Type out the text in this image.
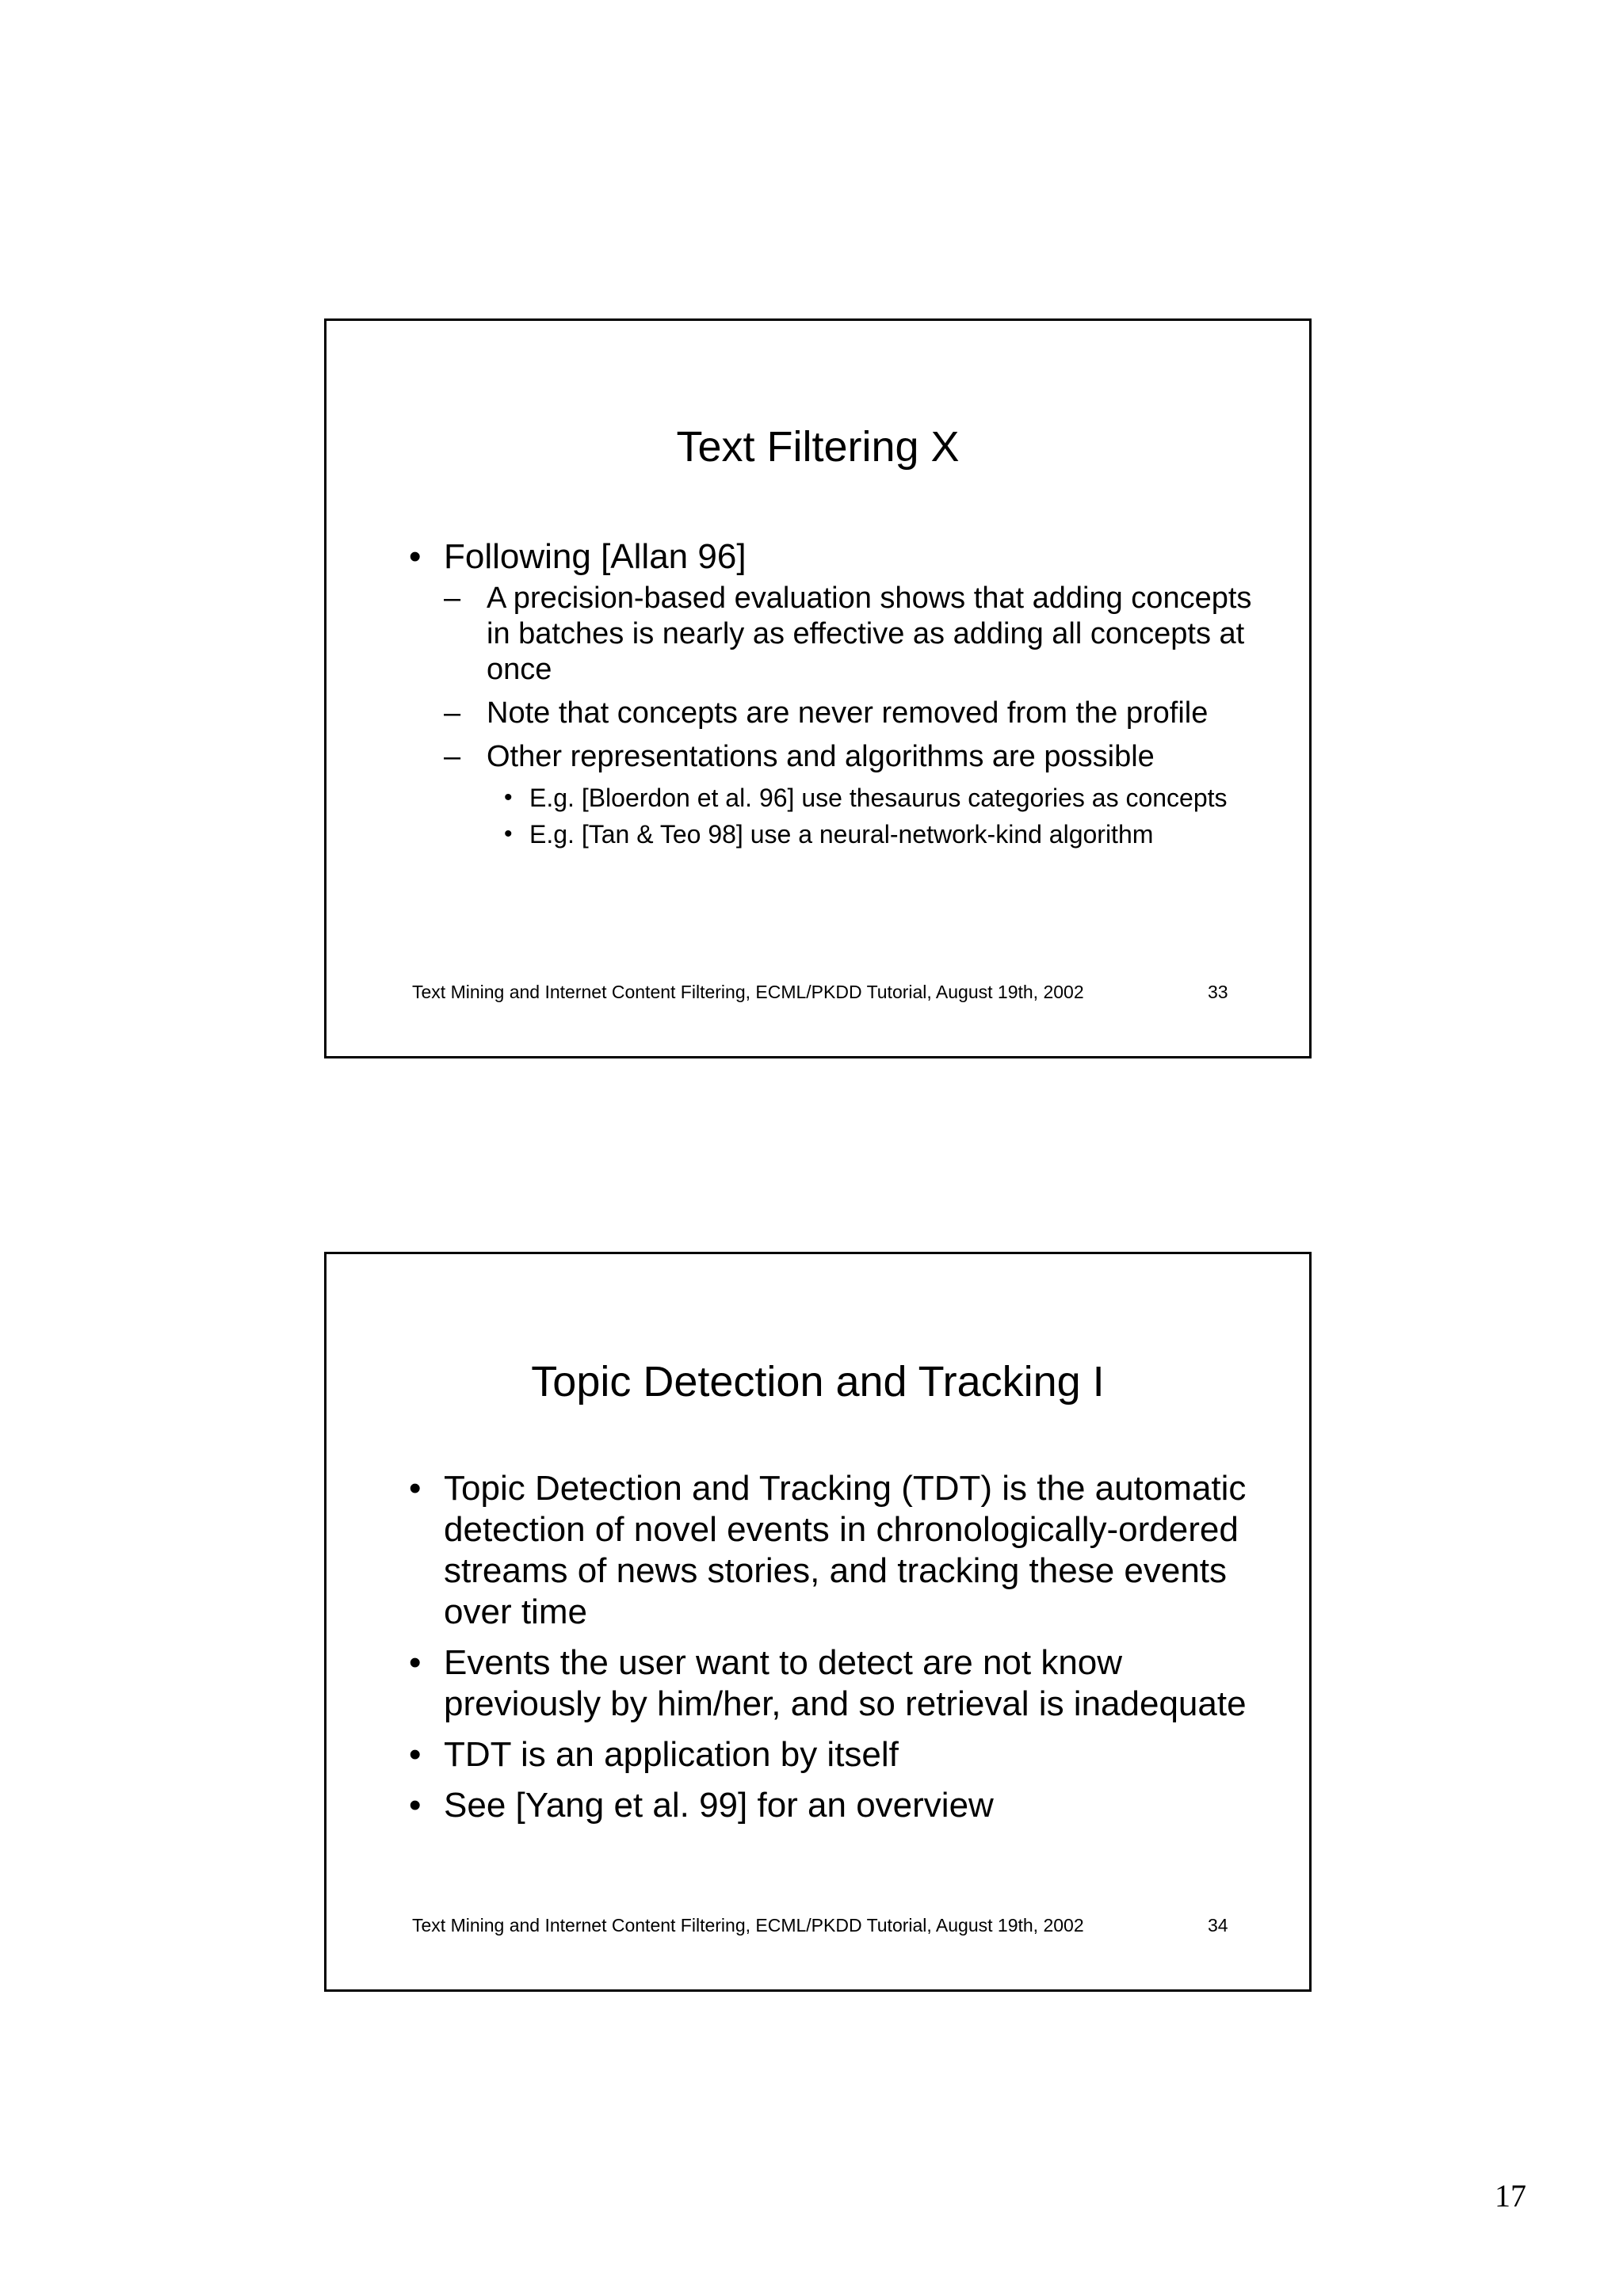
Text Filtering X

• Following [Allan 96]

– A precision-based evaluation shows that adding concepts in batches is nearly as effective as adding all concepts at once

– Note that concepts are never removed from the profile

– Other representations and algorithms are possible

• E.g. [Bloerdon et al. 96] use thesaurus categories as concepts

• E.g. [Tan & Teo 98] use a neural-network-kind algorithm

Text Mining and Internet Content Filtering, ECML/PKDD Tutorial, August 19th, 2002	33
Topic Detection and Tracking I

• Topic Detection and Tracking (TDT) is the automatic detection of novel events in chronologically-ordered streams of news stories, and tracking these events over time

• Events the user want to detect are not know previously by him/her, and so retrieval is inadequate

• TDT is an application by itself

• See [Yang et al. 99] for an overview

Text Mining and Internet Content Filtering, ECML/PKDD Tutorial, August 19th, 2002	34
17
